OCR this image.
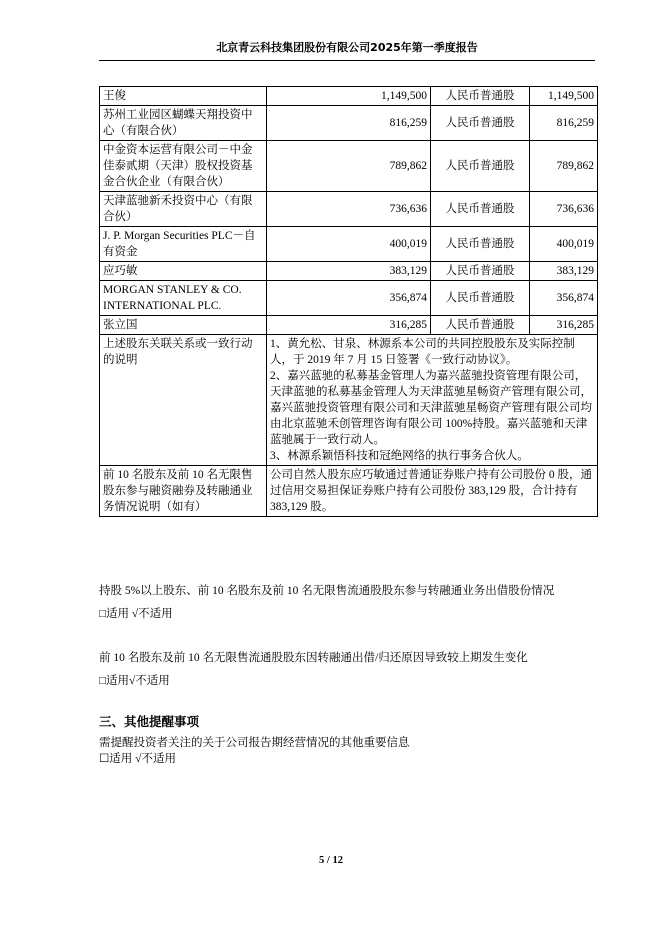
北京青云科技集团股份有限公司2025年第一季度报告
王俊	1,149,500	人民币普通股	1,149,500
苏州工业园区蝴蝶天翔投资中心（有限合伙）	816,259	人民币普通股	816,259
中金资本运营有限公司－中金佳泰贰期（天津）股权投资基金合伙企业（有限合伙）	789,862	人民币普通股	789,862
天津蓝驰新禾投资中心（有限合伙）	736,636	人民币普通股	736,636
J. P. Morgan Securities PLC－自有资金	400,019	人民币普通股	400,019
应巧敏	383,129	人民币普通股	383,129
MORGAN STANLEY & CO. INTERNATIONAL PLC.	356,874	人民币普通股	356,874
张立国	316,285	人民币普通股	316,285
上述股东关联关系或一致行动的说明	1、黄允松、甘泉、林源系本公司的共同控股股东及实际控制人，于 2019 年 7 月 15 日签署《一致行动协议》。
2、嘉兴蓝驰的私募基金管理人为嘉兴蓝驰投资管理有限公司，天津蓝驰的私募基金管理人为天津蓝驰星畅资产管理有限公司，嘉兴蓝驰投资管理有限公司和天津蓝驰星畅资产管理有限公司均由北京蓝驰禾创管理咨询有限公司 100%持股。嘉兴蓝驰和天津蓝驰属于一致行动人。
3、林源系颖悟科技和冠绝网络的执行事务合伙人。		

前 10 名股东及前 10 名无限售股东参与融资融券及转融通业务情况说明（如有）	公司自然人股东应巧敏通过普通证券账户持有公司股份 0 股，通过信用交易担保证券账户持有公司股份 383,129 股，合计持有 383,129 股。		
持股 5%以上股东、前 10 名股东及前 10 名无限售流通股股东参与转融通业务出借股份情况
□适用 √不适用
前 10 名股东及前 10 名无限售流通股股东因转融通出借/归还原因导致较上期发生变化
□适用√不适用
三、其他提醒事项
需提醒投资者关注的关于公司报告期经营情况的其他重要信息
☐适用 √不适用
5 / 12
